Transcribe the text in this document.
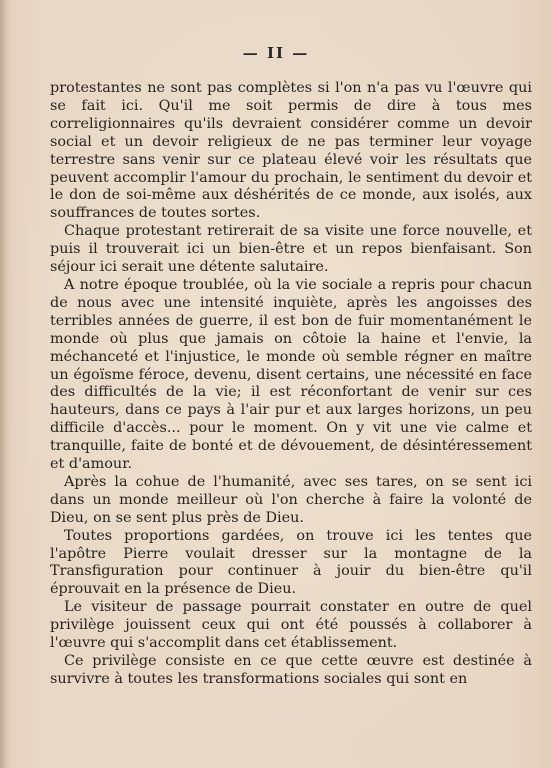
— II —

protestantes ne sont pas complètes si l'on n'a pas vu l'œuvre qui se fait ici. Qu'il me soit permis de dire à tous mes correligionnaires qu'ils devraient considérer comme un devoir social et un devoir religieux de ne pas terminer leur voyage terrestre sans venir sur ce plateau élevé voir les résultats que peuvent accomplir l'amour du prochain, le sentiment du devoir et le don de soi-même aux déshérités de ce monde, aux isolés, aux souffrances de toutes sortes.

Chaque protestant retirerait de sa visite une force nouvelle, et puis il trouverait ici un bien-être et un repos bienfaisant. Son séjour ici serait une détente salutaire.

A notre époque troublée, où la vie sociale a repris pour chacun de nous avec une intensité inquiète, après les angoisses des terribles années de guerre, il est bon de fuir momentanément le monde où plus que jamais on côtoie la haine et l'envie, la méchanceté et l'injustice, le monde où semble régner en maître un égoïsme féroce, devenu, disent certains, une nécessité en face des difficultés de la vie; il est réconfortant de venir sur ces hauteurs, dans ce pays à l'air pur et aux larges horizons, un peu difficile d'accès... pour le moment. On y vit une vie calme et tranquille, faite de bonté et de dévouement, de désintéressement et d'amour.

Après la cohue de l'humanité, avec ses tares, on se sent ici dans un monde meilleur où l'on cherche à faire la volonté de Dieu, on se sent plus près de Dieu.

Toutes proportions gardées, on trouve ici les tentes que l'apôtre Pierre voulait dresser sur la montagne de la Transfiguration pour continuer à jouir du bien-être qu'il éprouvait en la présence de Dieu.

Le visiteur de passage pourrait constater en outre de quel privilège jouissent ceux qui ont été poussés à collaborer à l'œuvre qui s'accomplit dans cet établissement.

Ce privilège consiste en ce que cette œuvre est destinée à survivre à toutes les transformations sociales qui sont en
